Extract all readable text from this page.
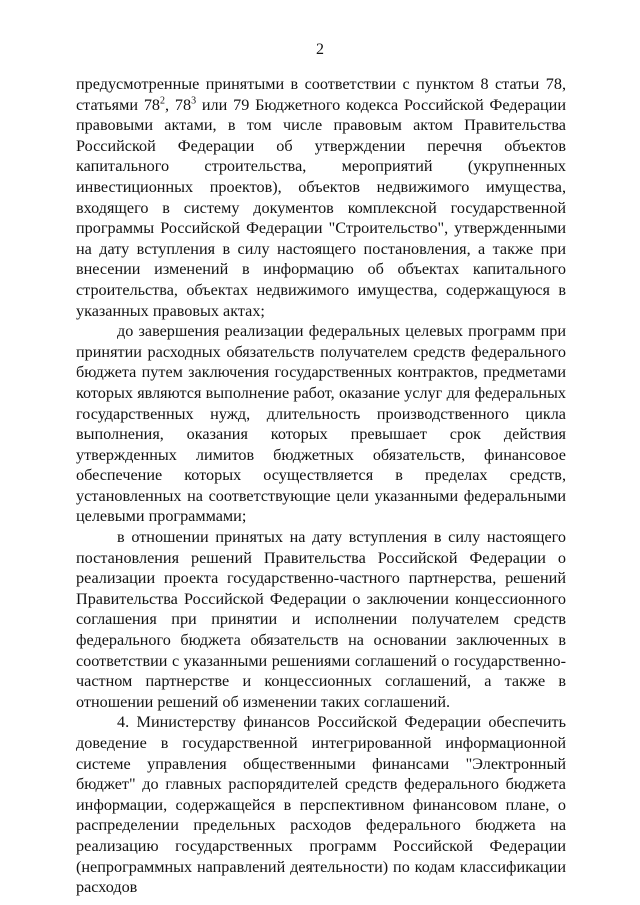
2

предусмотренные принятыми в соответствии с пунктом 8 статьи 78, статьями $78^2$, $78^3$ или 79 Бюджетного кодекса Российской Федерации правовыми актами, в том числе правовым актом Правительства Российской Федерации об утверждении перечня объектов капитального строительства, мероприятий (укрупненных инвестиционных проектов), объектов недвижимого имущества, входящего в систему документов комплексной государственной программы Российской Федерации "Строительство", утвержденными на дату вступления в силу настоящего постановления, а также при внесении изменений в информацию об объектах капитального строительства, объектах недвижимого имущества, содержащуюся в указанных правовых актах;

до завершения реализации федеральных целевых программ при принятии расходных обязательств получателем средств федерального бюджета путем заключения государственных контрактов, предметами которых являются выполнение работ, оказание услуг для федеральных государственных нужд, длительность производственного цикла выполнения, оказания которых превышает срок действия утвержденных лимитов бюджетных обязательств, финансовое обеспечение которых осуществляется в пределах средств, установленных на соответствующие цели указанными федеральными целевыми программами;

в отношении принятых на дату вступления в силу настоящего постановления решений Правительства Российской Федерации о реализации проекта государственно-частного партнерства, решений Правительства Российской Федерации о заключении концессионного соглашения при принятии и исполнении получателем средств федерального бюджета обязательств на основании заключенных в соответствии с указанными решениями соглашений о государственно-частном партнерстве и концессионных соглашений, а также в отношении решений об изменении таких соглашений.

4. Министерству финансов Российской Федерации обеспечить доведение в государственной интегрированной информационной системе управления общественными финансами "Электронный бюджет" до главных распорядителей средств федерального бюджета информации, содержащейся в перспективном финансовом плане, о распределении предельных расходов федерального бюджета на реализацию государственных программ Российской Федерации (непрограммных направлений деятельности) по кодам классификации расходов
